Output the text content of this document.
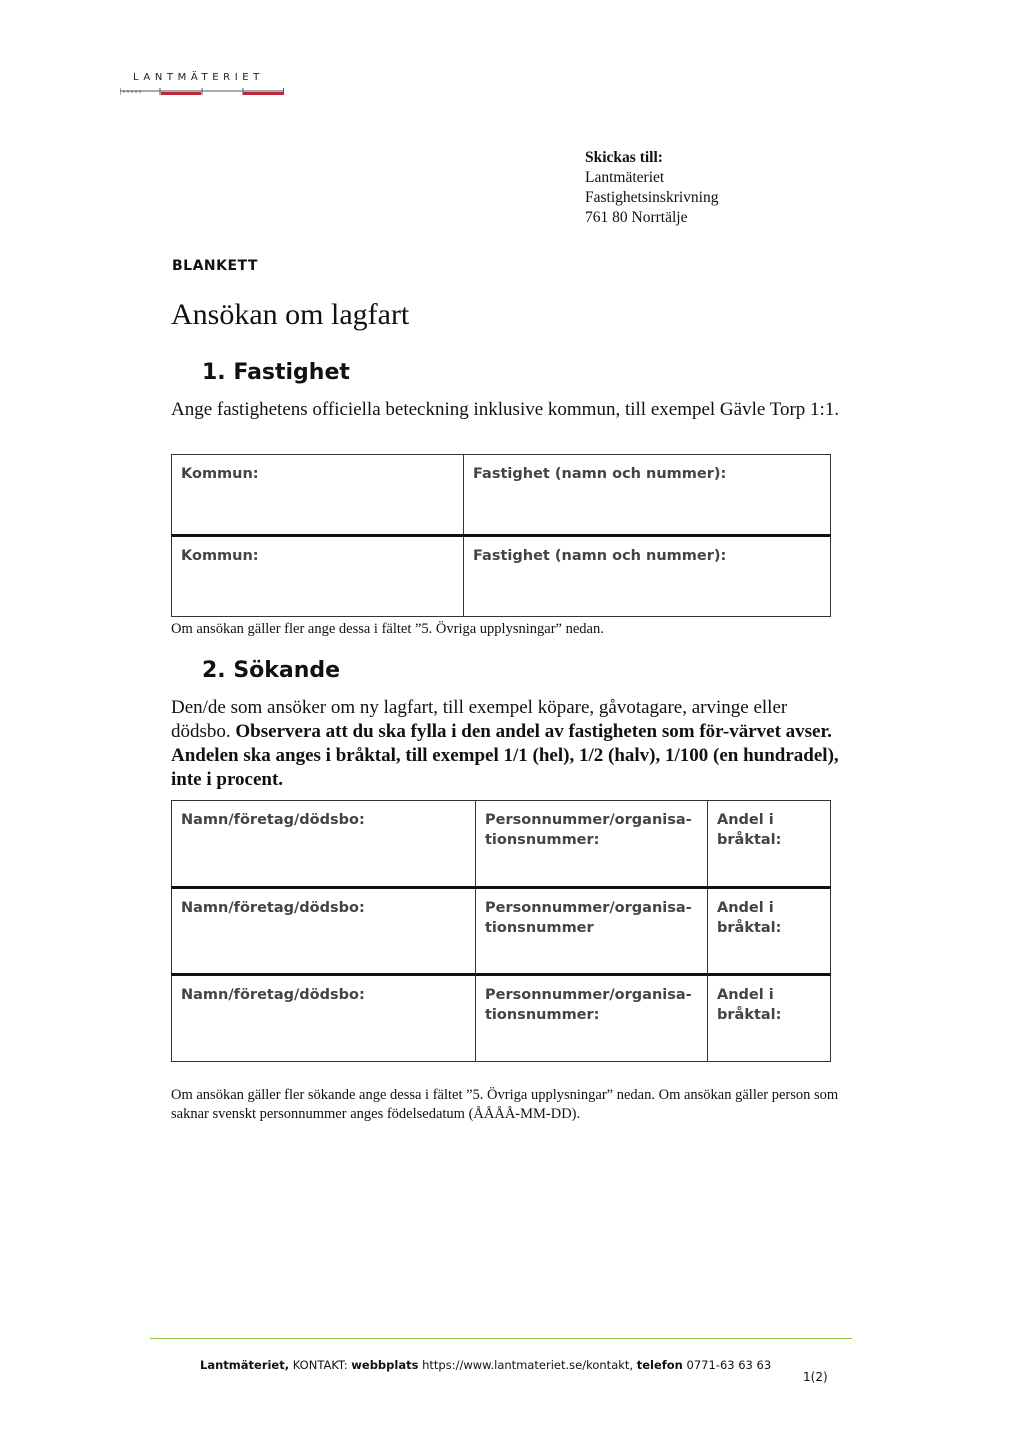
LANTMÄTERIET
Skickas till:
Lantmäteriet
Fastighetsinskrivning
761 80 Norrtälje
BLANKETT
Ansökan om lagfart
1. Fastighet
Ange fastighetens officiella beteckning inklusive kommun, till exempel Gävle Torp 1:1.
Kommun:	Fastighet (namn och nummer):
Kommun:	Fastighet (namn och nummer):
Om ansökan gäller fler ange dessa i fältet ”5. Övriga upplysningar” nedan.
2. Sökande
Den/de som ansöker om ny lagfart, till exempel köpare, gåvotagare, arvinge eller dödsbo. Observera att du ska fylla i den andel av fastigheten som för-värvet avser. Andelen ska anges i bråktal, till exempel 1/1 (hel), 1/2 (halv), 1/100 (en hundradel), inte i procent.
Namn/företag/dödsbo:	Personnummer/organisa-tionsnummer:	Andel i bråktal:
Namn/företag/dödsbo:	Personnummer/organisa-tionsnummer	Andel i bråktal:
Namn/företag/dödsbo:	Personnummer/organisa-tionsnummer:	Andel i bråktal:
Om ansökan gäller fler sökande ange dessa i fältet ”5. Övriga upplysningar” nedan. Om ansökan gäller person som saknar svenskt personnummer anges födelsedatum (ÅÅÅÅ-MM-DD).
Lantmäteriet, KONTAKT: webbplats https://www.lantmateriet.se/kontakt, telefon 0771-63 63 63
1(2)
